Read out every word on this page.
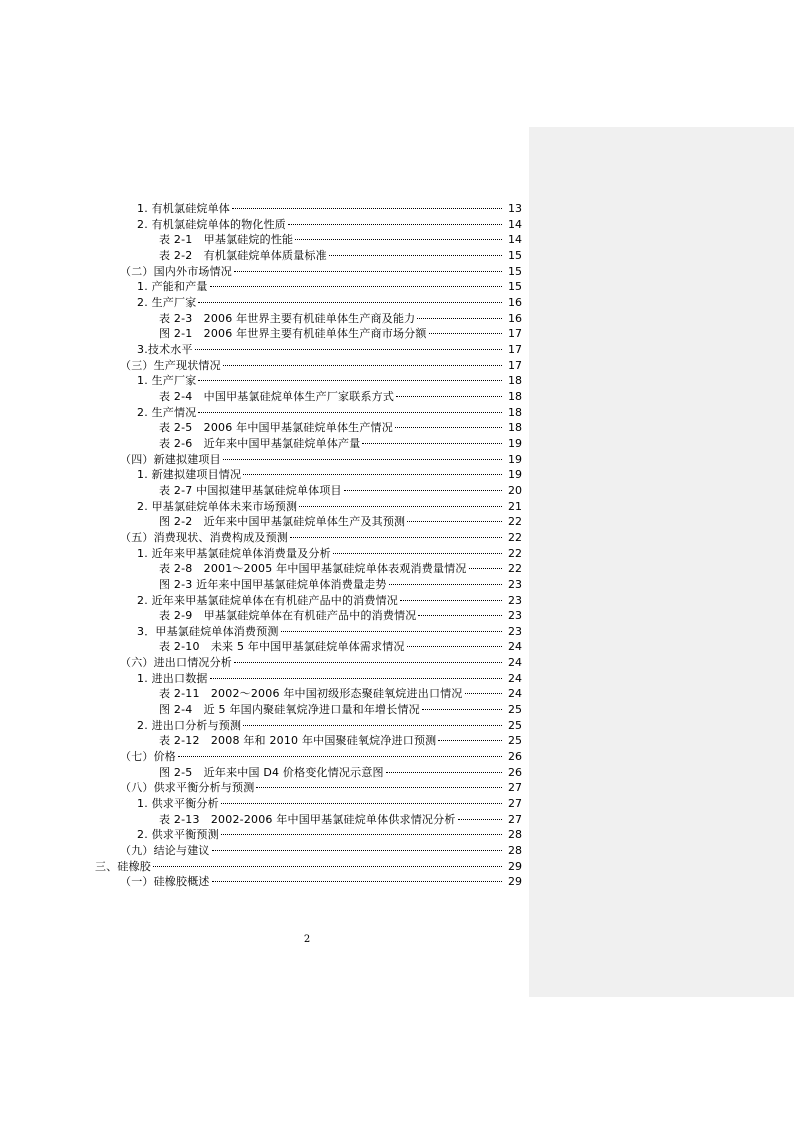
1. 有机氯硅烷单体	13
2. 有机氯硅烷单体的物化性质	14
表 2-1　甲基氯硅烷的性能	14
表 2-2　有机氯硅烷单体质量标准	15
（二）国内外市场情况	15
1. 产能和产量	15
2. 生产厂家	16
表 2-3　2006 年世界主要有机硅单体生产商及能力	16
图 2-1　2006 年世界主要有机硅单体生产商市场分额	17
3.技术水平	17
（三）生产现状情况	17
1. 生产厂家	18
表 2-4　中国甲基氯硅烷单体生产厂家联系方式	18
2. 生产情况	18
表 2-5　2006 年中国甲基氯硅烷单体生产情况	18
表 2-6　近年来中国甲基氯硅烷单体产量	19
（四）新建拟建项目	19
1. 新建拟建项目情况	19
表 2-7 中国拟建甲基氯硅烷单体项目	20
2. 甲基氯硅烷单体未来市场预测	21
图 2-2　近年来中国甲基氯硅烷单体生产及其预测	22
（五）消费现状、消费构成及预测	22
1. 近年来甲基氯硅烷单体消费量及分析	22
表 2-8　2001～2005 年中国甲基氯硅烷单体表观消费量情况	22
图 2-3 近年来中国甲基氯硅烷单体消费量走势	23
2. 近年来甲基氯硅烷单体在有机硅产品中的消费情况	23
表 2-9　甲基氯硅烷单体在有机硅产品中的消费情况	23
3．甲基氯硅烷单体消费预测	23
表 2-10　未来 5 年中国甲基氯硅烷单体需求情况	24
（六）进出口情况分析	24
1. 进出口数据	24
表 2-11　2002～2006 年中国初级形态聚硅氧烷进出口情况	24
图 2-4　近 5 年国内聚硅氧烷净进口量和年增长情况	25
2. 进出口分析与预测	25
表 2-12　2008 年和 2010 年中国聚硅氧烷净进口预测	25
（七）价格	26
图 2-5　近年来中国 D4 价格变化情况示意图	26
（八）供求平衡分析与预测	27
1. 供求平衡分析	27
表 2-13　2002-2006 年中国甲基氯硅烷单体供求情况分析	27
2. 供求平衡预测	28
（九）结论与建议	28
三、硅橡胶	29
（一）硅橡胶概述	29
2
